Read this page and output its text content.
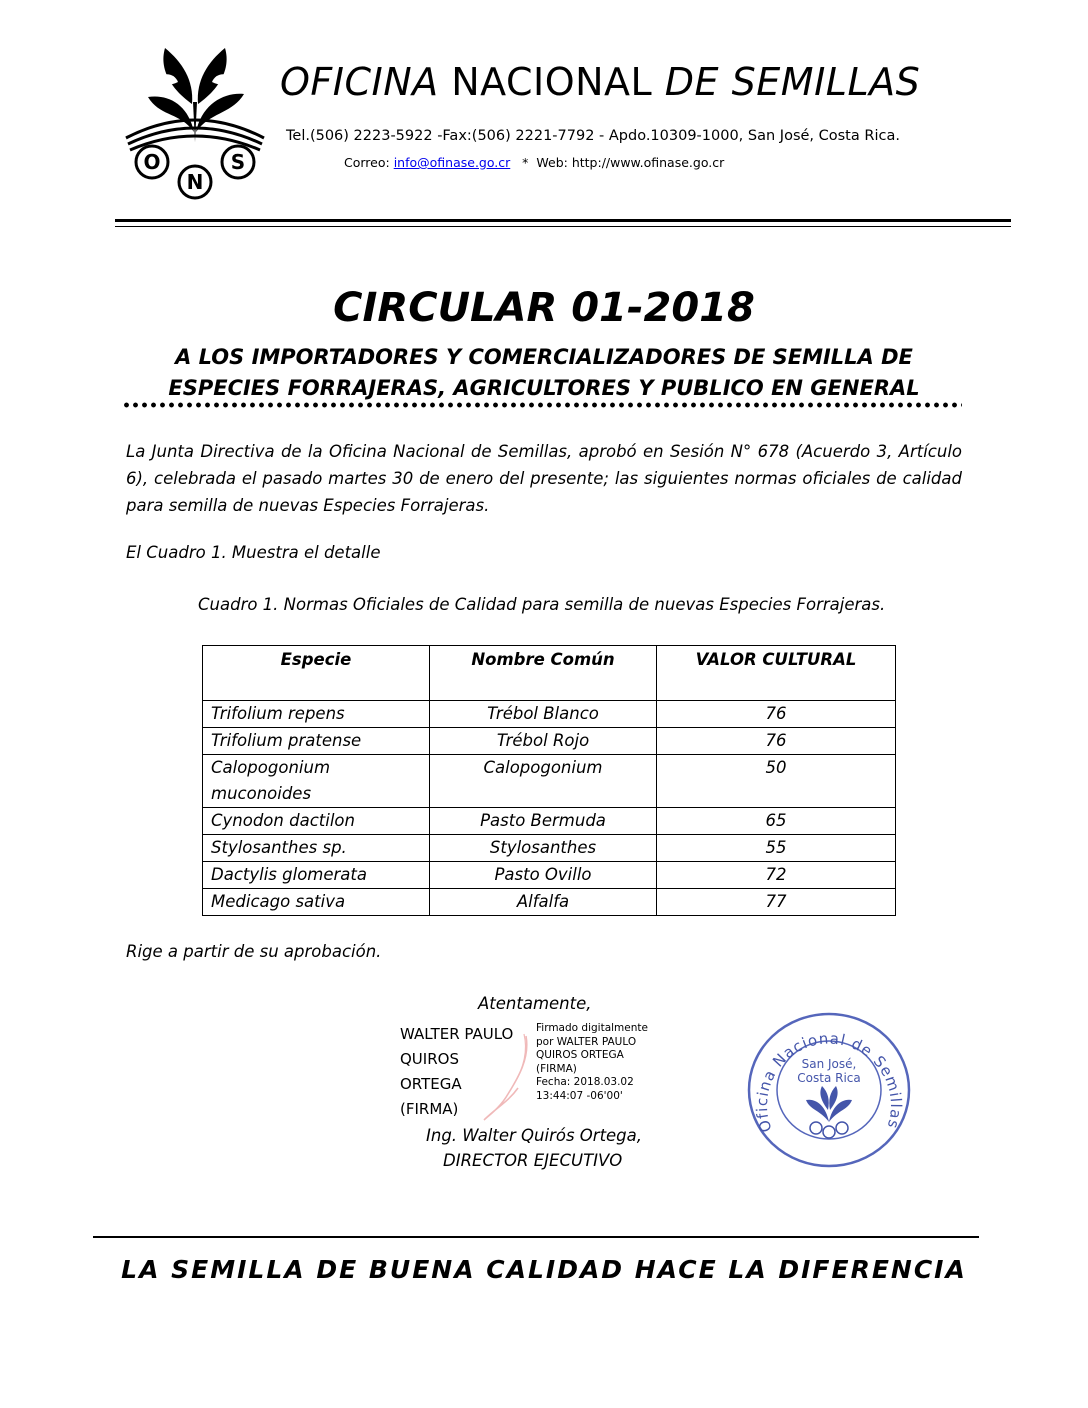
O
N
S
OFICINA NACIONAL DE SEMILLAS
Tel.(506) 2223-5922 -Fax:(506) 2221-7792 - Apdo.10309-1000, San José, Costa Rica.
Correo: info@ofinase.go.cr   *  Web: http://www.ofinase.go.cr
CIRCULAR 01-2018
A LOS IMPORTADORES Y COMERCIALIZADORES DE SEMILLA DE
ESPECIES FORRAJERAS, AGRICULTORES Y PUBLICO EN GENERAL
La Junta Directiva de la Oficina Nacional de Semillas, aprobó en Sesión N° 678 (Acuerdo 3, Artículo 6), celebrada el pasado martes 30 de enero del presente; las siguientes normas oficiales de calidad para semilla de nuevas Especies Forrajeras.
El Cuadro 1. Muestra el detalle
Cuadro 1. Normas Oficiales de Calidad para semilla de nuevas Especies Forrajeras.
Especie	Nombre Común	VALOR CULTURAL
Trifolium repens	Trébol Blanco	76
Trifolium pratense	Trébol Rojo	76
Calopogonium muconoides	Calopogonium	50
Cynodon dactilon	Pasto Bermuda	65
Stylosanthes sp.	Stylosanthes	55
Dactylis glomerata	Pasto Ovillo	72
Medicago sativa	Alfalfa	77
Rige a partir de su aprobación.
Atentamente,
WALTER PAULO
QUIROS
ORTEGA
(FIRMA)
Firmado digitalmente
por WALTER PAULO
QUIROS ORTEGA
(FIRMA)
Fecha: 2018.03.02
13:44:07 -06'00'
Ing. Walter Quirós Ortega,
DIRECTOR EJECUTIVO
Oficina Nacional de Semillas
San José,
Costa Rica
LA SEMILLA DE BUENA CALIDAD HACE LA DIFERENCIA
